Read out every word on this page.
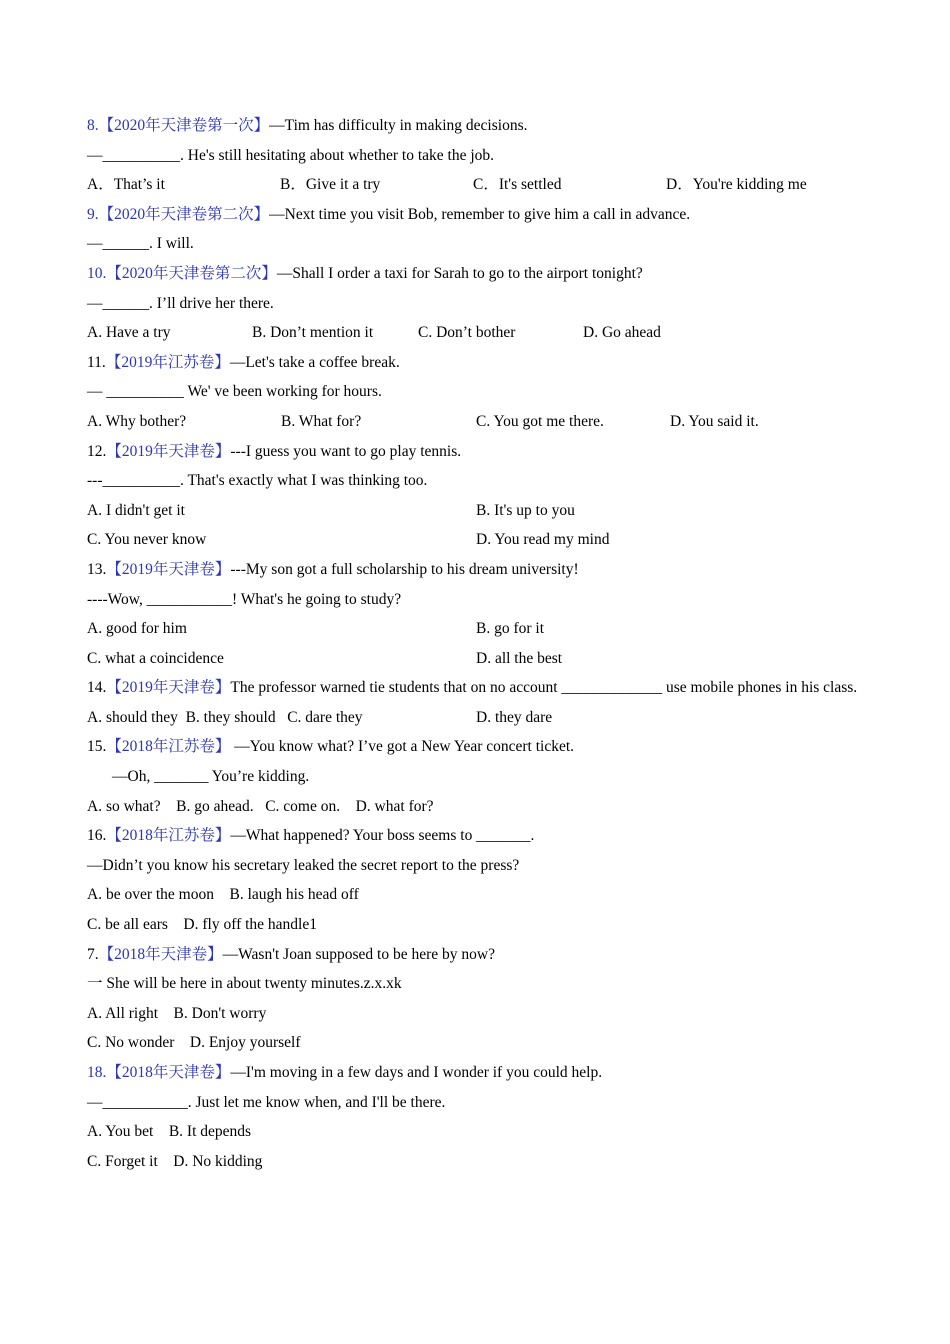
8.【2020年天津卷第一次】—Tim has difficulty in making decisions.
—__________. He's still hesitating about whether to take the job.
A．That’s it	B．Give it a try	C．It's settled	D．You're kidding me
9.【2020年天津卷第二次】—Next time you visit Bob, remember to give him a call in advance.
—______. I will.
10.【2020年天津卷第二次】—Shall I order a taxi for Sarah to go to the airport tonight?
—______. I’ll drive her there.
A. Have a try	B. Don’t mention it	C. Don’t bother	D. Go ahead
11.【2019年江苏卷】—Let's take a coffee break.
— __________ We' ve been working for hours.
A. Why bother?	B. What for?	C. You got me there.	D. You said it.
12.【2019年天津卷】---I guess you want to go play tennis.
---__________. That's exactly what I was thinking too.
A. I didn't get it	B. It's up to you
C. You never know	D. You read my mind
13.【2019年天津卷】---My son got a full scholarship to his dream university!
----Wow, ___________! What's he going to study?
A. good for him	B. go for it
C. what a coincidence	D. all the best
14.【2019年天津卷】The professor warned tie students that on no account _____________ use mobile phones in his class.
A. should they  B. they should   C. dare they	D. they dare
15.【2018年江苏卷】 —You know what? I’ve got a New Year concert ticket.
—Oh, _______ You’re kidding.
A. so what?    B. go ahead.   C. come on.    D. what for?
16.【2018年江苏卷】—What happened? Your boss seems to _______.
—Didn’t you know his secretary leaked the secret report to the press?
A. be over the moon    B. laugh his head off
C. be all ears    D. fly off the handle1
7.【2018年天津卷】—Wasn't Joan supposed to be here by now?
一 She will be here in about twenty minutes.z.x.xk
A. All right    B. Don't worry
C. No wonder    D. Enjoy yourself
18.【2018年天津卷】—I'm moving in a few days and I wonder if you could help.
—___________. Just let me know when, and I'll be there.
A. You bet    B. It depends
C. Forget it    D. No kidding
